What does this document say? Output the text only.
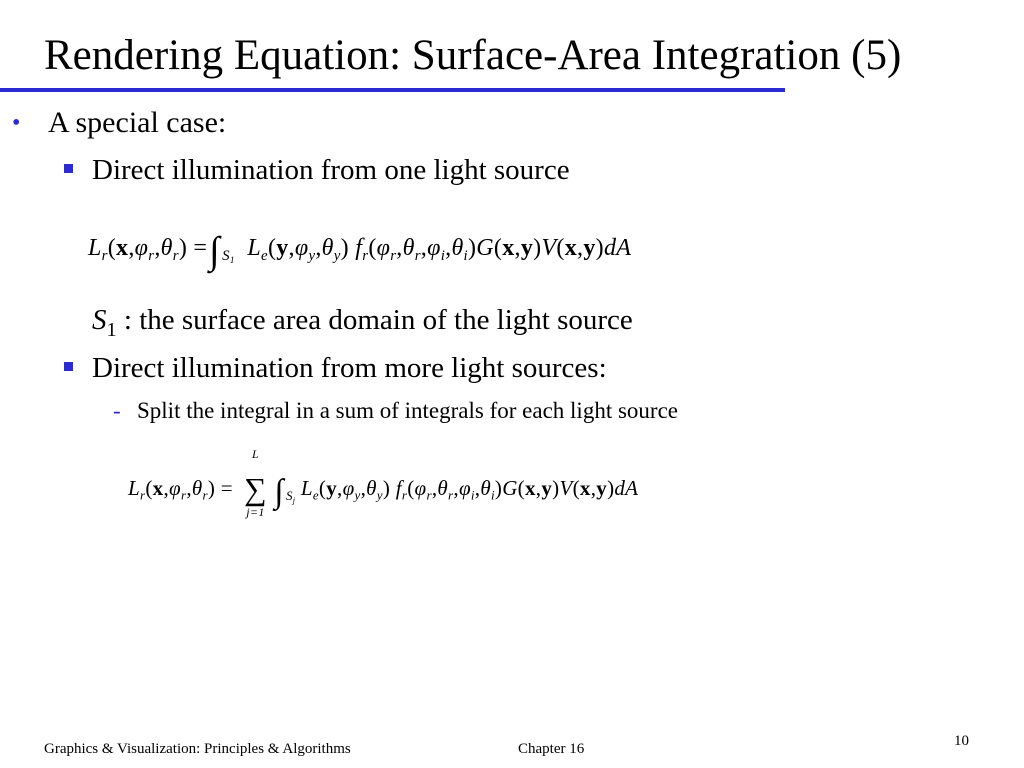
Rendering Equation: Surface-Area Integration (5)
• A special case:
Direct illumination from one light source
$L_r(x,\varphi_r,\theta_r)$ =∫ $_{S_1}$  $L_e(y,\varphi_y,\theta_y)$ $f_r(\varphi_r,\theta_r,\varphi_i,\theta_i)G(x,y)V(x,y)dA$
$S_1$ : the surface area domain of the light source
Direct illumination from more light sources:
- Split the integral in a sum of integrals for each light source
$L_r(x,\varphi_r,\theta_r)$ =
L
∑
j=1
∫ $_{S_j}$ $L_e(y,\varphi_y,\theta_y)$ $f_r(\varphi_r,\theta_r,\varphi_i,\theta_i)G(x,y)V(x,y)dA$
Graphics & Visualization: Principles & Algorithms	Chapter 16	10
